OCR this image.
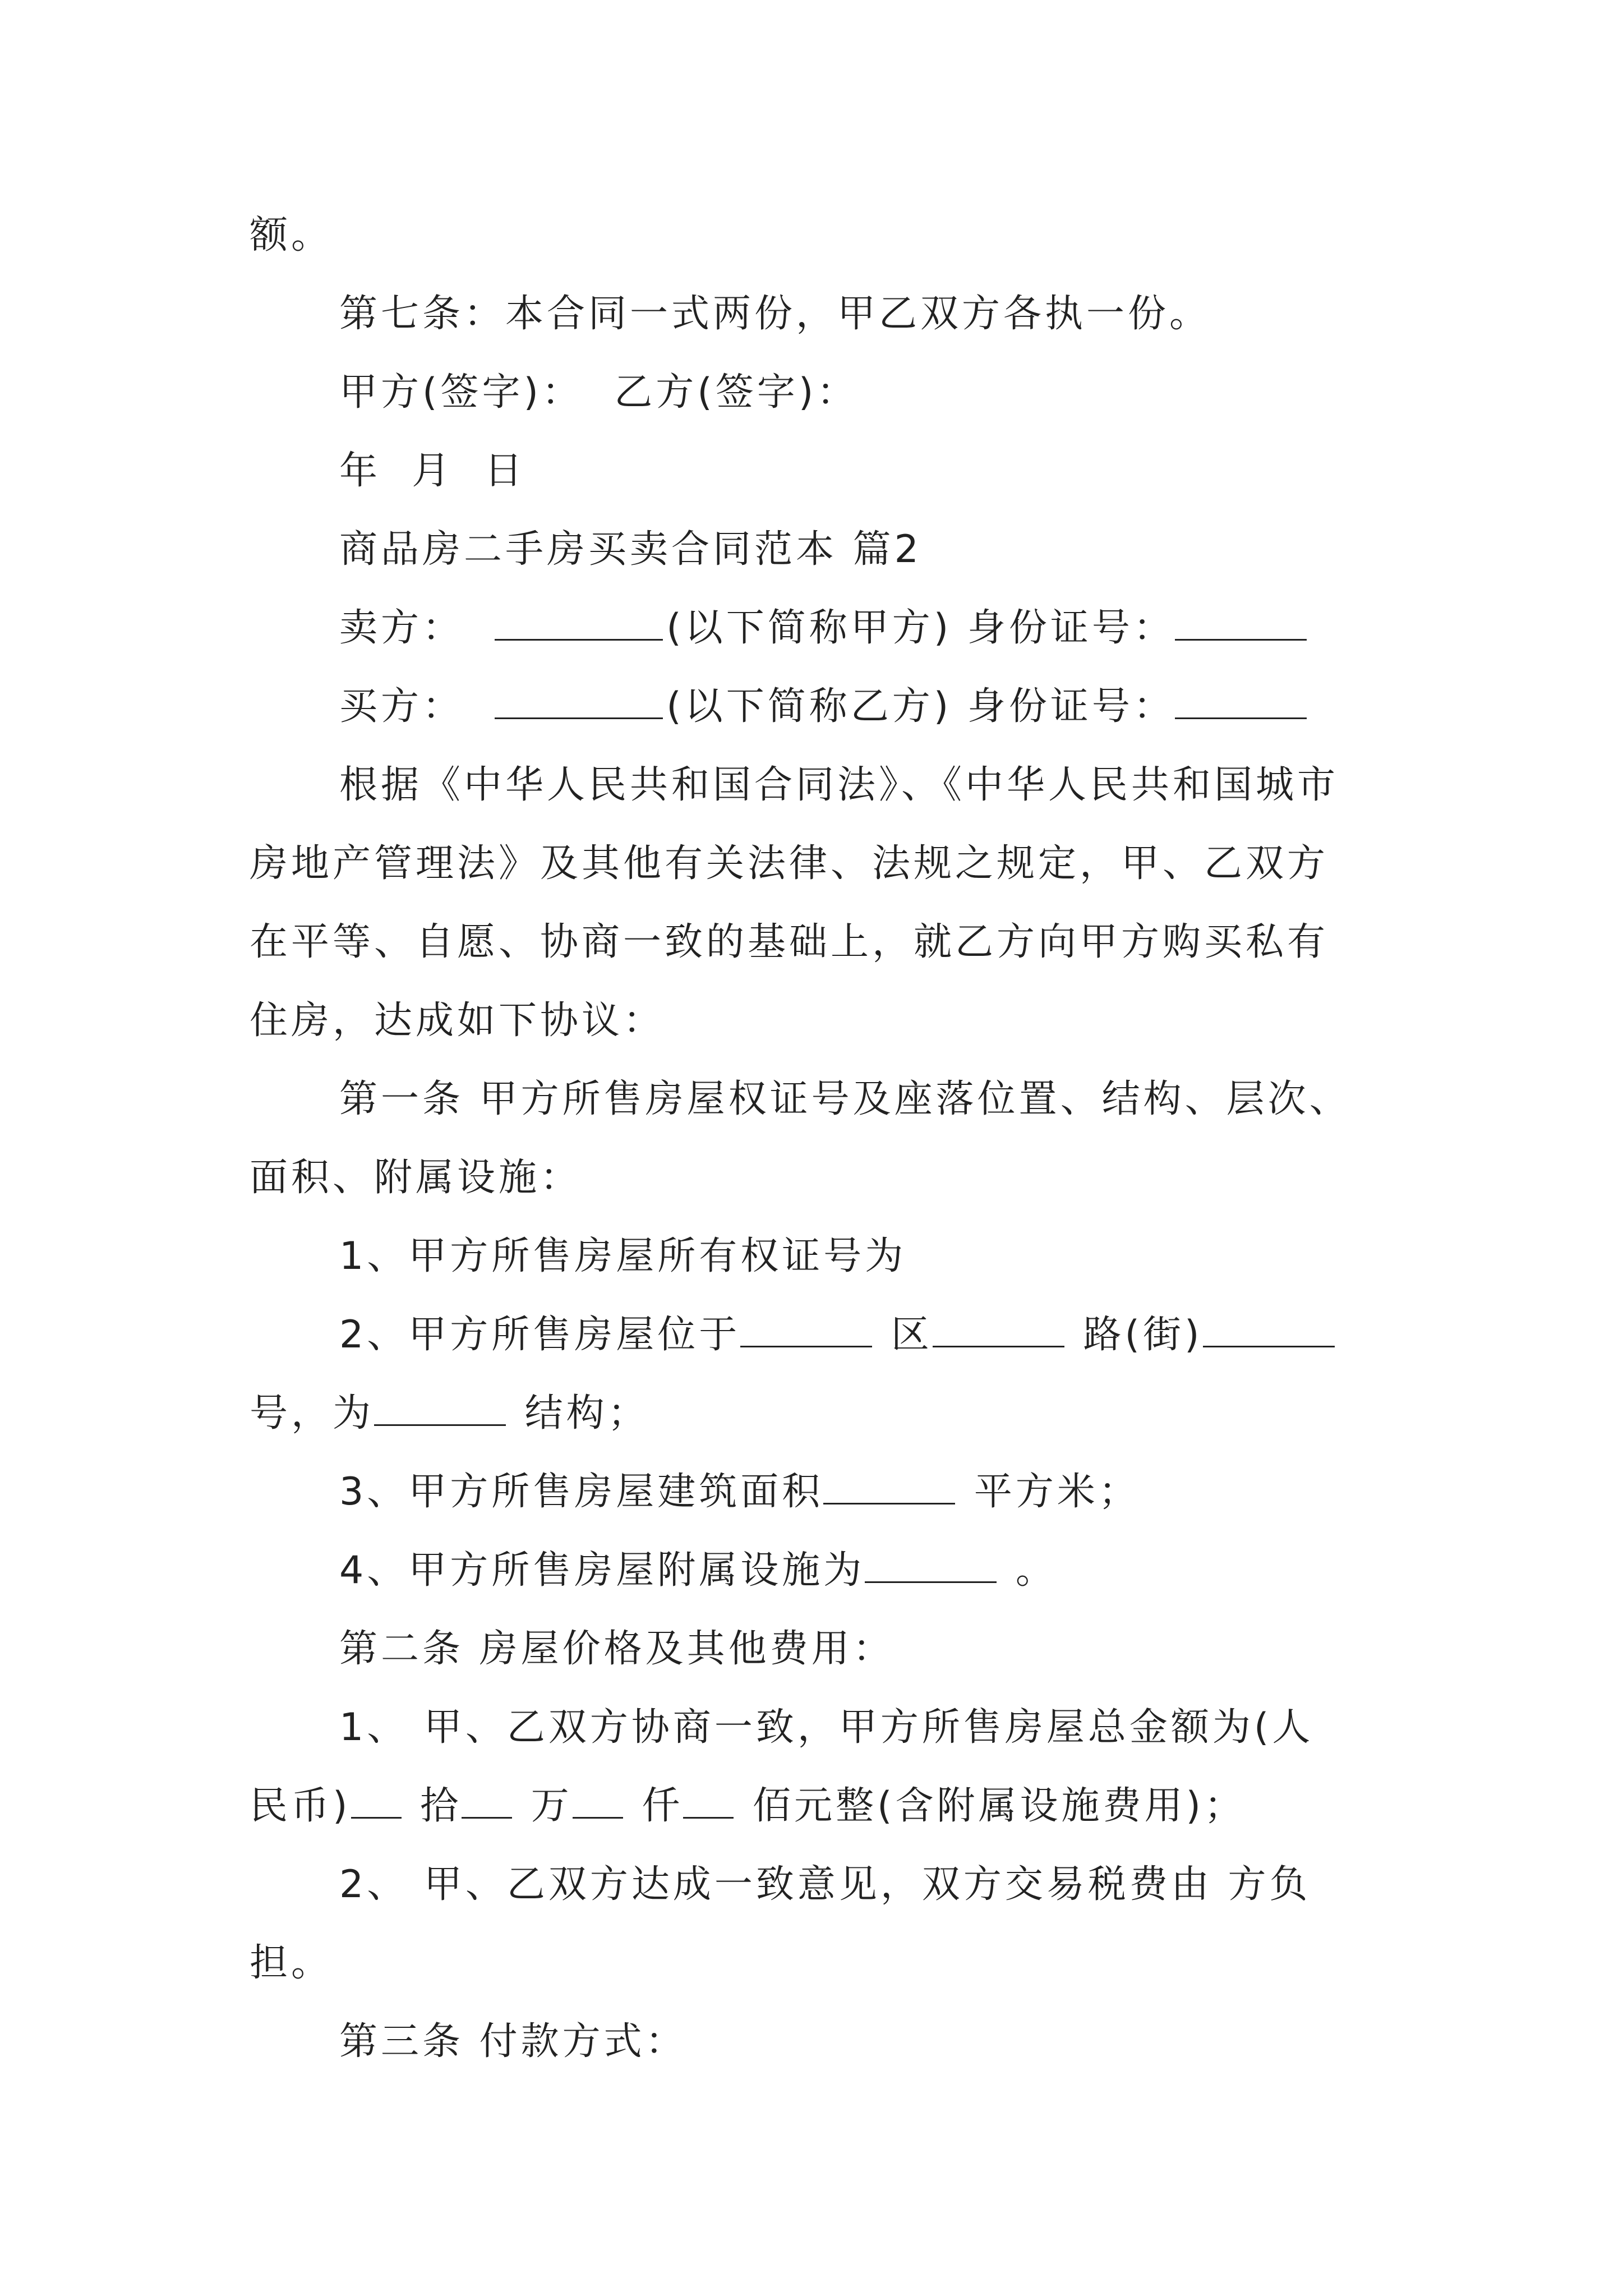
额。
第七条：本合同一式两份，甲乙双方各执一份。
甲方(签字)：  乙方(签字)：
年  月  日
商品房二手房买卖合同范本 篇2
卖方：	(以下简称甲方) 身份证号：
买方：	(以下简称乙方) 身份证号：
根据《中华人民共和国合同法》、《中华人民共和国城市
房地产管理法》及其他有关法律、法规之规定，甲、乙双方
在平等、自愿、协商一致的基础上，就乙方向甲方购买私有
住房，达成如下协议：
第一条 甲方所售房屋权证号及座落位置、结构、层次、
面积、附属设施：
1、甲方所售房屋所有权证号为
2、甲方所售房屋位于	区	路(街)
号，为	结构；
3、甲方所售房屋建筑面积	平方米；
4、甲方所售房屋附属设施为	。
第二条 房屋价格及其他费用：
1、 甲、乙双方协商一致，甲方所售房屋总金额为(人
民币) 拾 万 仟 佰元整(含附属设施费用)；
2、 甲、乙双方达成一致意见，双方交易税费由 方负
担。
第三条 付款方式：
